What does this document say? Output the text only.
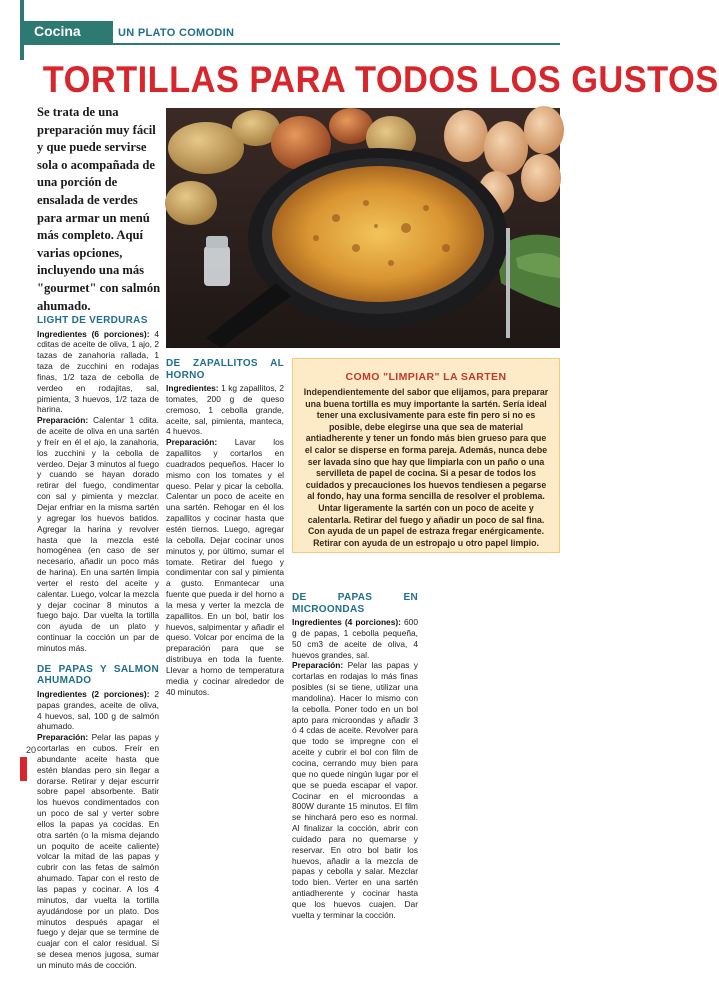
Cocina	UN PLATO COMODIN
TORTILLAS PARA TODOS LOS GUSTOS
Se trata de una preparación muy fácil y que puede servirse sola o acompañada de una porción de ensalada de verdes para armar un menú más completo. Aquí varias opciones, incluyendo una más "gourmet" con salmón ahumado.
LIGHT DE VERDURAS

Ingredientes (6 porciones): 4 cditas de aceite de oliva, 1 ajo, 2 tazas de zanahoria rallada, 1 taza de zucchini en rodajas finas, 1/2 taza de cebolla de verdeo en rodajitas, sal, pimienta, 3 huevos, 1/2 taza de harina.

Preparación: Calentar 1 cdita. de aceite de oliva en una sartén y freír en él el ajo, la zanahoria, los zucchini y la cebolla de verdeo. Dejar 3 minutos al fuego y cuando se hayan dorado retirar del fuego, condimentar con sal y pimienta y mezclar. Dejar enfriar en la misma sartén y agregar los huevos batidos. Agregar la harina y revolver hasta que la mezcla esté homogénea (en caso de ser necesario, añadir un poco más de harina). En una sartén limpia verter el resto del aceite y calentar. Luego, volcar la mezcla y dejar cocinar 8 minutos a fuego bajo. Dar vuelta la tortilla con ayuda de un plato y continuar la cocción un par de minutos más.

DE PAPAS Y SALMON AHUMADO

Ingredientes (2 porciones): 2 papas grandes, aceite de oliva, 4 huevos, sal, 100 g de salmón ahumado.

Preparación: Pelar las papas y cortarlas en cubos. Freír en abundante aceite hasta que estén blandas pero sin llegar a dorarse. Retirar y dejar escurrir sobre papel absorbente. Batir los huevos condimentados con un poco de sal y verter sobre ellos la papas ya cocidas. En otra sartén (o la misma dejando un poquito de aceite caliente) volcar la mitad de las papas y cubrir con las fetas de salmón ahumado. Tapar con el resto de las papas y cocinar. A los 4 minutos, dar vuelta la tortilla ayudándose por un plato. Dos minutos después apagar el fuego y dejar que se termine de cuajar con el calor residual. Si se desea menos jugosa, sumar un minuto más de cocción.

DE ZAPALLITOS AL HORNO

Ingredientes: 1 kg zapallitos, 2 tomates, 200 g de queso cremoso, 1 cebolla grande, aceite, sal, pimienta, manteca, 4 huevos.

Preparación: Lavar los zapallitos y cortarlos en cuadrados pequeños. Hacer lo mismo con los tomates y el queso. Pelar y picar la cebolla. Calentar un poco de aceite en una sartén. Rehogar en él los zapallitos y cocinar hasta que estén tiernos. Luego, agregar la cebolla. Dejar cocinar unos minutos y, por último, sumar el tomate. Retirar del fuego y condimentar con sal y pimienta a gusto. Enmantecar una fuente que pueda ir del horno a la mesa y verter la mezcla de zapallitos. En un bol, batir los huevos, salpimentar y añadir el queso. Volcar por encima de la preparación para que se distribuya en toda la fuente. Llevar a horno de temperatura media y cocinar alrededor de 40 minutos.

COMO "LIMPIAR" LA SARTEN
Independientemente del sabor que elijamos, para preparar una buena tortilla es muy importante la sartén. Sería ideal tener una exclusivamente para este fin pero si no es posible, debe elegirse una que sea de material antiadherente y tener un fondo más bien grueso para que el calor se disperse en forma pareja. Además, nunca debe ser lavada sino que hay que limpiarla con un paño o una servilleta de papel de cocina. Si a pesar de todos los cuidados y precauciones los huevos tendiesen a pegarse al fondo, hay una forma sencilla de resolver el problema. Untar ligeramente la sartén con un poco de aceite y calentarla. Retirar del fuego y añadir un poco de sal fina. Con ayuda de un papel de estraza fregar enérgicamente. Retirar con ayuda de un estropajo u otro papel limpio.
DE PAPAS EN MICROONDAS

Ingredientes (4 porciones): 600 g de papas, 1 cebolla pequeña, 50 cm3 de aceite de oliva, 4 huevos grandes, sal.

Preparación: Pelar las papas y cortarlas en rodajas lo más finas posibles (si se tiene, utilizar una mandolina). Hacer lo mismo con la cebolla. Poner todo en un bol apto para microondas y añadir 3 ó 4 cdas de aceite. Revolver para que todo se impregne con el aceite y cubrir el bol con film de cocina, cerrando muy bien para que no quede ningún lugar por el que se pueda escapar el vapor. Cocinar en el microondas a 800W durante 15 minutos. El film se hinchará pero eso es normal. Al finalizar la cocción, abrir con cuidado para no quemarse y reservar. En otro bol batir los huevos, añadir a la mezcla de papas y cebolla y salar. Mezclar todo bien. Verter en una sartén antiadherente y cocinar hasta que los huevos cuajen. Dar vuelta y terminar la cocción.

20
